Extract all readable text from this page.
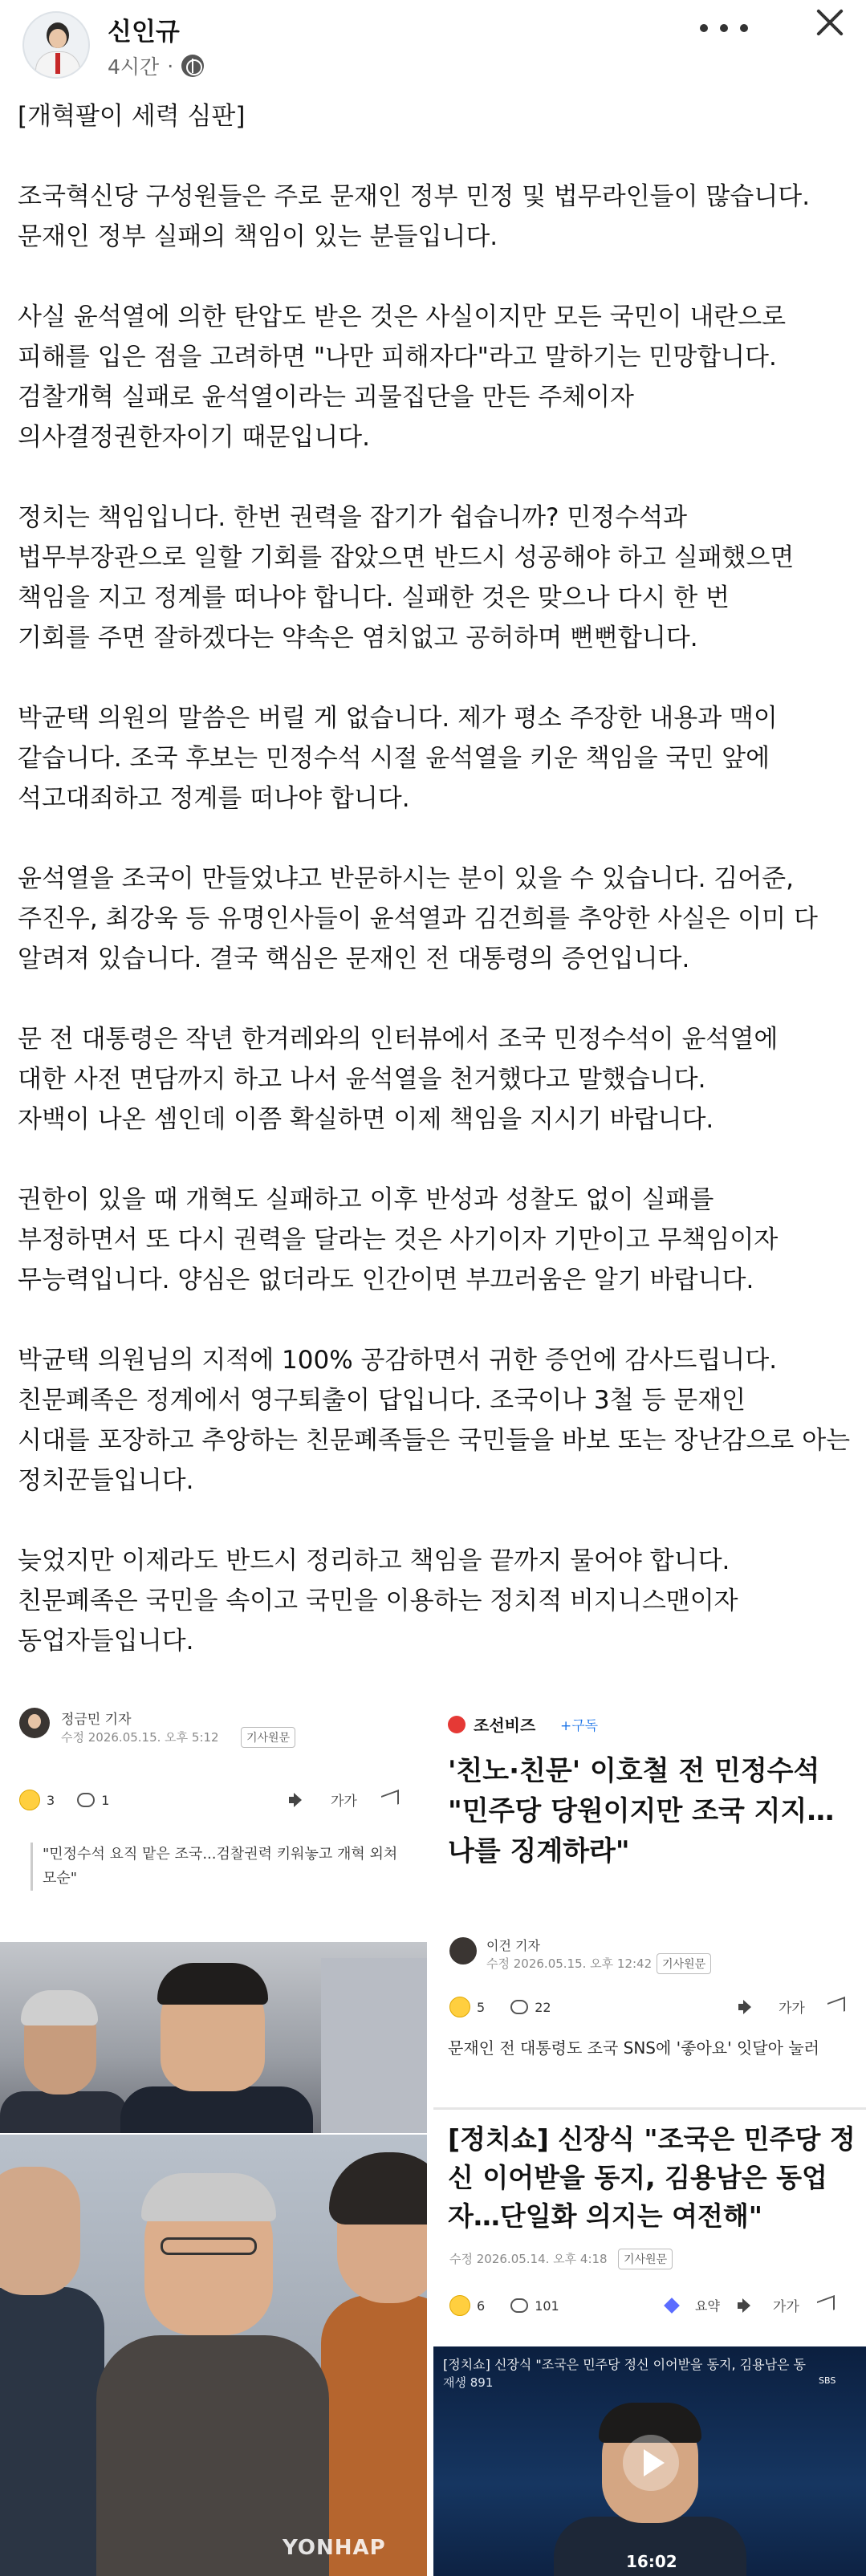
신인규
4시간 ·

[개혁팔이 세력 심판]

조국혁신당 구성원들은 주로 문재인 정부 민정 및 법무라인들이 많습니다.
문재인 정부 실패의 책임이 있는 분들입니다.

사실 윤석열에 의한 탄압도 받은 것은 사실이지만 모든 국민이 내란으로
피해를 입은 점을 고려하면 "나만 피해자다"라고 말하기는 민망합니다.
검찰개혁 실패로 윤석열이라는 괴물집단을 만든 주체이자
의사결정권한자이기 때문입니다.

정치는 책임입니다. 한번 권력을 잡기가 쉽습니까? 민정수석과
법무부장관으로 일할 기회를 잡았으면 반드시 성공해야 하고 실패했으면
책임을 지고 정계를 떠나야 합니다. 실패한 것은 맞으나 다시 한 번
기회를 주면 잘하겠다는 약속은 염치없고 공허하며 뻔뻔합니다.

박균택 의원의 말씀은 버릴 게 없습니다. 제가 평소 주장한 내용과 맥이
같습니다. 조국 후보는 민정수석 시절 윤석열을 키운 책임을 국민 앞에
석고대죄하고 정계를 떠나야 합니다.

윤석열을 조국이 만들었냐고 반문하시는 분이 있을 수 있습니다. 김어준,
주진우, 최강욱 등 유명인사들이 윤석열과 김건희를 추앙한 사실은 이미 다
알려져 있습니다. 결국 핵심은 문재인 전 대통령의 증언입니다.

문 전 대통령은 작년 한겨레와의 인터뷰에서 조국 민정수석이 윤석열에
대한 사전 면담까지 하고 나서 윤석열을 천거했다고 말했습니다.
자백이 나온 셈인데 이쯤 확실하면 이제 책임을 지시기 바랍니다.

권한이 있을 때 개혁도 실패하고 이후 반성과 성찰도 없이 실패를
부정하면서 또 다시 권력을 달라는 것은 사기이자 기만이고 무책임이자
무능력입니다. 양심은 없더라도 인간이면 부끄러움은 알기 바랍니다.

박균택 의원님의 지적에 100% 공감하면서 귀한 증언에 감사드립니다.
친문폐족은 정계에서 영구퇴출이 답입니다. 조국이나 3철 등 문재인
시대를 포장하고 추앙하는 친문폐족들은 국민들을 바보 또는 장난감으로 아는
정치꾼들입니다.

늦었지만 이제라도 반드시 정리하고 책임을 끝까지 물어야 합니다.
친문폐족은 국민을 속이고 국민을 이용하는 정치적 비지니스맨이자
동업자들입니다.

정금민 기자
수정 2026.05.15. 오후 5:12	기사원문
3	1	가가
"민정수석 요직 맡은 조국...검찰권력 키워놓고 개혁 외쳐 모순"
YONHAP
조선비즈 +구독
'친노·친문' 이호철 전 민정수석 "민주당 당원이지만 조국 지지…나를 징계하라"
이건 기자
수정 2026.05.15. 오후 12:42 기사원문
5	22	가가
문재인 전 대통령도 조국 SNS에 '좋아요' 잇달아 눌러
[정치쇼] 신장식 "조국은 민주당 정신 이어받을 동지, 김용남은 동업자…단일화 의지는 여전해"
수정 2026.05.14. 오후 4:18	기사원문
6	101	요약	가가
[정치쇼] 신장식 "조국은 민주당 정신 이어받을 동지, 김용남은 동
재생 891	SBS
16:02
